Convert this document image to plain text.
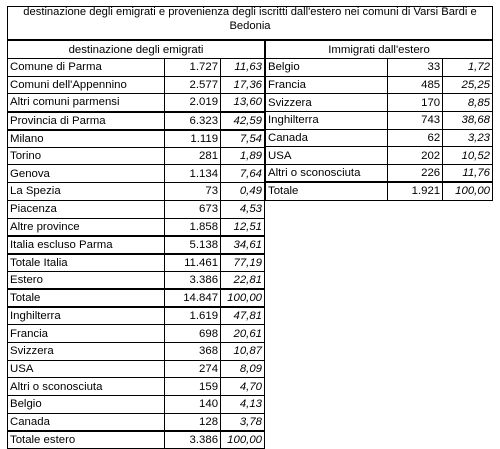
destinazione degli emigrati e provenienza degli iscritti dall'estero nei comuni di Varsi Bardi e Bedonia
destinazione degli emigrati		
Comune di Parma	1.727	11,63
Comuni dell'Appennino	2.577	17,36
Altri comuni parmensi	2.019	13,60
Provincia di Parma	6.323	42,59
Milano	1.119	7,54
Torino	281	1,89
Genova	1.134	7,64
La Spezia	73	0,49
Piacenza	673	4,53
Altre province	1.858	12,51
Italia escluso Parma	5.138	34,61
Totale Italia	11.461	77,19
Estero	3.386	22,81
Totale	14.847	100,00
Inghilterra	1.619	47,81
Francia	698	20,61
Svizzera	368	10,87
USA	274	8,09
Altri o sconosciuta	159	4,70
Belgio	140	4,13
Canada	128	3,78
Totale estero	3.386	100,00
Immigrati dall'estero		
Belgio	33	1,72
Francia	485	25,25
Svizzera	170	8,85
Inghilterra	743	38,68
Canada	62	3,23
USA	202	10,52
Altri o sconosciuta	226	11,76
Totale	1.921	100,00
